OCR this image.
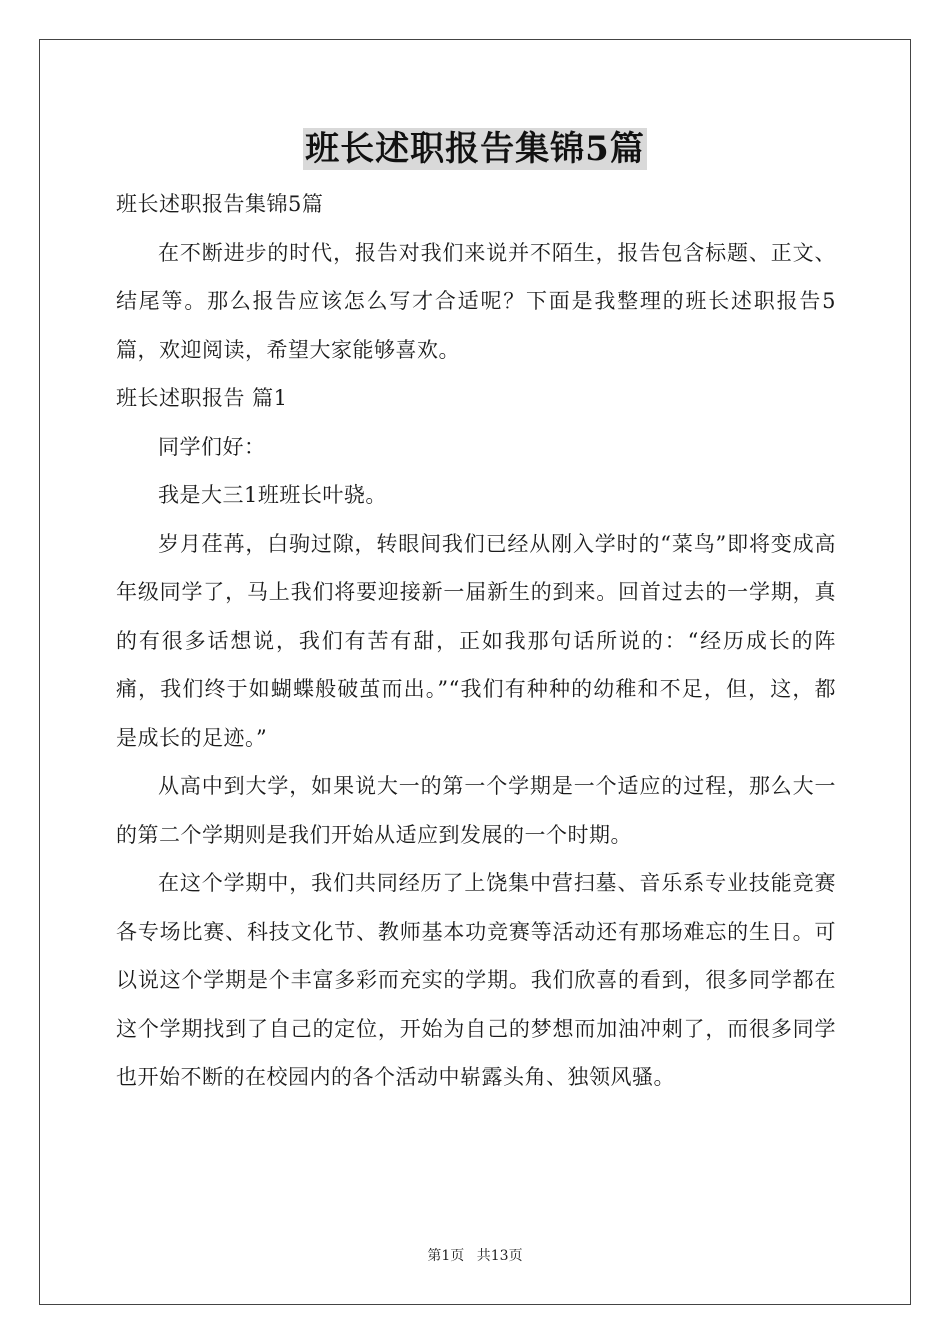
班长述职报告集锦5篇

班长述职报告集锦5篇

在不断进步的时代，报告对我们来说并不陌生，报告包含标题、正文、结尾等。那么报告应该怎么写才合适呢？下面是我整理的班长述职报告5篇，欢迎阅读，希望大家能够喜欢。

班长述职报告 篇1

同学们好：

我是大三1班班长叶骁。

岁月荏苒，白驹过隙，转眼间我们已经从刚入学时的“菜鸟”即将变成高年级同学了，马上我们将要迎接新一届新生的到来。回首过去的一学期，真的有很多话想说，我们有苦有甜，正如我那句话所说的：“经历成长的阵痛，我们终于如蝴蝶般破茧而出。”“我们有种种的幼稚和不足，但，这，都是成长的足迹。”

从高中到大学，如果说大一的第一个学期是一个适应的过程，那么大一的第二个学期则是我们开始从适应到发展的一个时期。

在这个学期中，我们共同经历了上饶集中营扫墓、音乐系专业技能竞赛各专场比赛、科技文化节、教师基本功竞赛等活动还有那场难忘的生日。可以说这个学期是个丰富多彩而充实的学期。我们欣喜的看到，很多同学都在这个学期找到了自己的定位，开始为自己的梦想而加油冲刺了，而很多同学也开始不断的在校园内的各个活动中崭露头角、独领风骚。

第1页 共13页
